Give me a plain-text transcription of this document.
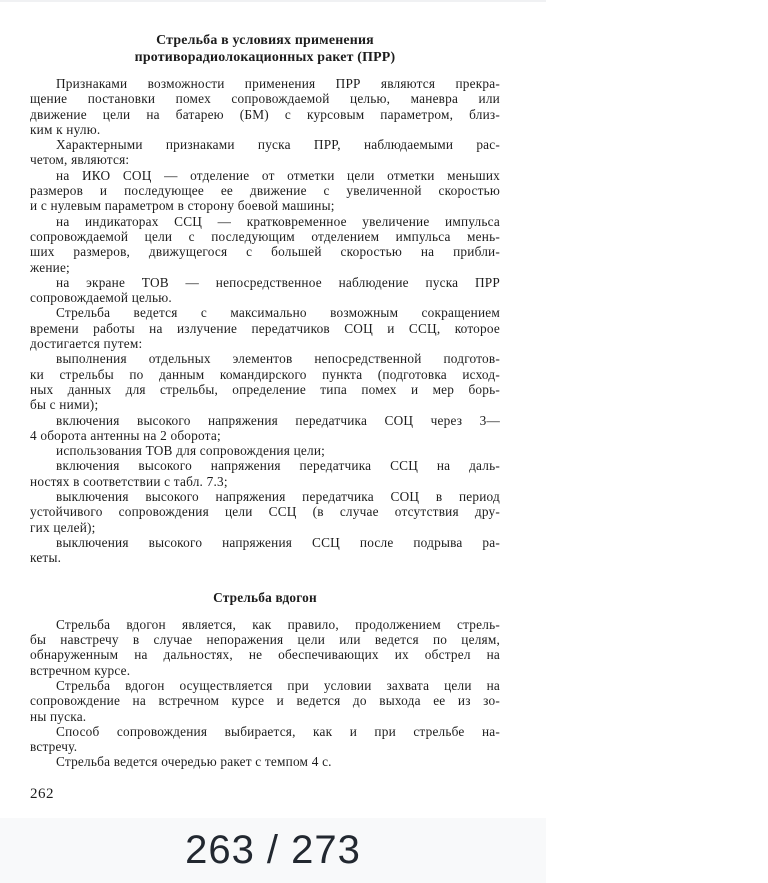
Стрельба в условиях применения
противорадиолокационных ракет (ПРР)
Признаками возможности применения ПРР являются прекра-
щение постановки помех сопровождаемой целью, маневра или
движение цели на батарею (БМ) с курсовым параметром, близ-
ким к нулю.
Характерными признаками пуска ПРР, наблюдаемыми рас-
четом, являются:
на ИКО СОЦ — отделение от отметки цели отметки меньших
размеров и последующее ее движение с увеличенной скоростью
и с нулевым параметром в сторону боевой машины;
на индикаторах ССЦ — кратковременное увеличение импульса
сопровождаемой цели с последующим отделением импульса мень-
ших размеров, движущегося с большей скоростью на прибли-
жение;
на экране ТОВ — непосредственное наблюдение пуска ПРР
сопровождаемой целью.
Стрельба ведется с максимально возможным сокращением
времени работы на излучение передатчиков СОЦ и ССЦ, которое
достигается путем:
выполнения отдельных элементов непосредственной подготов-
ки стрельбы по данным командирского пункта (подготовка исход-
ных данных для стрельбы, определение типа помех и мер борь-
бы с ними);
включения высокого напряжения передатчика СОЦ через 3—
4 оборота антенны на 2 оборота;
использования ТОВ для сопровождения цели;
включения высокого напряжения передатчика ССЦ на даль-
ностях в соответствии с табл. 7.3;
выключения высокого напряжения передатчика СОЦ в период
устойчивого сопровождения цели ССЦ (в случае отсутствия дру-
гих целей);
выключения высокого напряжения ССЦ после подрыва ра-
кеты.
Стрельба вдогон
Стрельба вдогон является, как правило, продолжением стрель-
бы навстречу в случае непоражения цели или ведется по целям,
обнаруженным на дальностях, не обеспечивающих их обстрел на
встречном курсе.
Стрельба вдогон осуществляется при условии захвата цели на
сопровождение на встречном курсе и ведется до выхода ее из зо-
ны пуска.
Способ сопровождения выбирается, как и при стрельбе на-
встречу.
Стрельба ведется очередью ракет с темпом 4 с.
262
263 / 273
